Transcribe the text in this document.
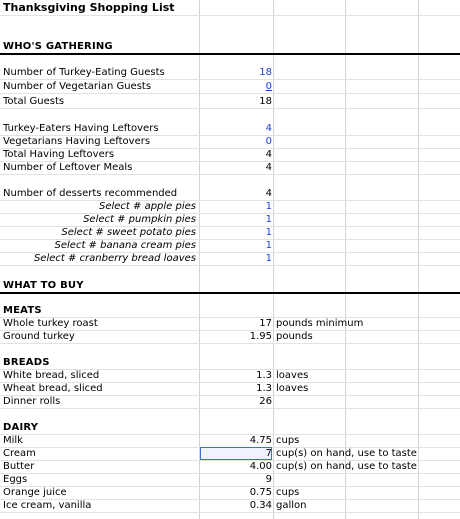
Thanksgiving Shopping List
WHO'S GATHERING
Number of Turkey-Eating Guests	18
Number of Vegetarian Guests	0
Total Guests	18
Turkey-Eaters Having Leftovers	4
Vegetarians Having Leftovers	0
Total Having Leftovers	4
Number of Leftover Meals	4
Number of desserts recommended	4
Select # apple pies	1
Select # pumpkin pies	1
Select # sweet potato pies	1
Select # banana cream pies	1
Select # cranberry bread loaves	1
WHAT TO BUY
MEATS
Whole turkey roast	17 pounds minimum
Ground turkey	1.95 pounds
BREADS
White bread, sliced	1.3 loaves
Wheat bread, sliced	1.3 loaves
Dinner rolls	26
DAIRY
Milk	4.75 cups
Cream	7 cup(s) on hand, use to taste
Butter	4.00 cup(s) on hand, use to taste
Eggs	9
Orange juice	0.75 cups
Ice cream, vanilla	0.34 gallon
